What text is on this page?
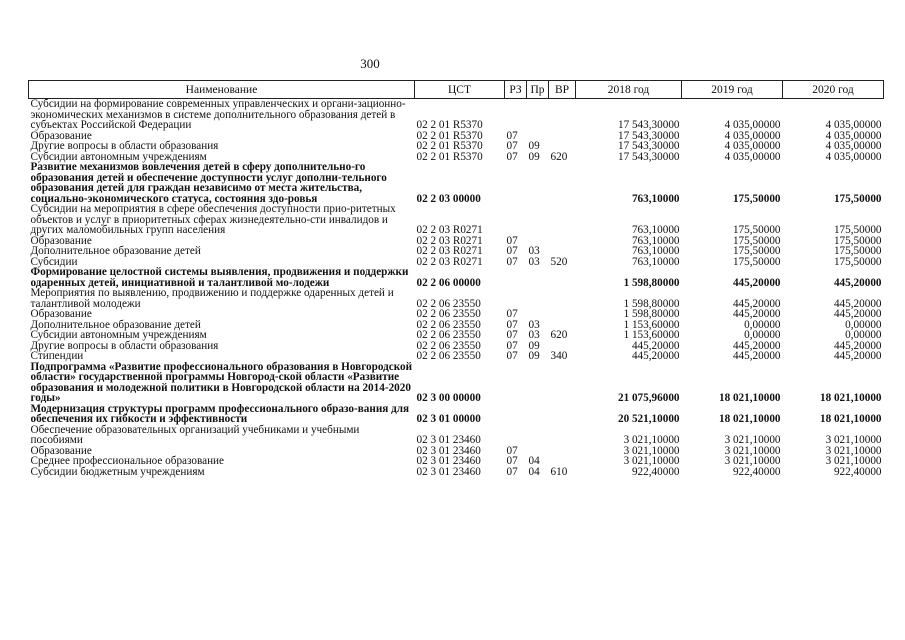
300
Наименование	ЦСТ	РЗ	Пр	ВР	2018 год	2019 год	2020 год
Субсидии на формирование современных управленческих и органи-зационно-экономических механизмов в системе дополнительного образования детей в субъектах Российской Федерации	02 2 01 R5370				17 543,30000	4 035,00000	4 035,00000
Образование	02 2 01 R5370	07			17 543,30000	4 035,00000	4 035,00000
Другие вопросы в области образования	02 2 01 R5370	07	09		17 543,30000	4 035,00000	4 035,00000
Субсидии автономным учреждениям	02 2 01 R5370	07	09	620	17 543,30000	4 035,00000	4 035,00000
Развитие механизмов вовлечения детей в сферу дополнительно-го образования детей и обеспечение доступности услуг дополни-тельного образования детей для граждан независимо от места жительства, социально-экономического статуса, состояния здо-ровья	02 2 03 00000				763,10000	175,50000	175,50000
Субсидии на мероприятия в сфере обеспечения доступности прио-ритетных объектов и услуг в приоритетных сферах жизнедеятельно-сти инвалидов и других маломобильных групп населения	02 2 03 R0271				763,10000	175,50000	175,50000
Образование	02 2 03 R0271	07			763,10000	175,50000	175,50000
Дополнительное образование детей	02 2 03 R0271	07	03		763,10000	175,50000	175,50000
Субсидии	02 2 03 R0271	07	03	520	763,10000	175,50000	175,50000
Формирование целостной системы выявления, продвижения и поддержки одаренных детей, инициативной и талантливой мо-лодежи	02 2 06 00000				1 598,80000	445,20000	445,20000
Мероприятия по выявлению, продвижению и поддержке одаренных детей и талантливой молодежи	02 2 06 23550				1 598,80000	445,20000	445,20000
Образование	02 2 06 23550	07			1 598,80000	445,20000	445,20000
Дополнительное образование детей	02 2 06 23550	07	03		1 153,60000	0,00000	0,00000
Субсидии автономным учреждениям	02 2 06 23550	07	03	620	1 153,60000	0,00000	0,00000
Другие вопросы в области образования	02 2 06 23550	07	09		445,20000	445,20000	445,20000
Стипендии	02 2 06 23550	07	09	340	445,20000	445,20000	445,20000
Подпрограмма «Развитие профессионального образования в Новгородской области» государственной программы Новгород-ской области «Развитие образования и молодежной политики в Новгородской области на 2014-2020 годы»	02 3 00 00000				21 075,96000	18 021,10000	18 021,10000
Модернизация структуры программ профессионального образо-вания для обеспечения их гибкости и эффективности	02 3 01 00000				20 521,10000	18 021,10000	18 021,10000
Обеспечение образовательных организаций учебниками и учебными пособиями	02 3 01 23460				3 021,10000	3 021,10000	3 021,10000
Образование	02 3 01 23460	07			3 021,10000	3 021,10000	3 021,10000
Среднее профессиональное образование	02 3 01 23460	07	04		3 021,10000	3 021,10000	3 021,10000
Субсидии бюджетным учреждениям	02 3 01 23460	07	04	610	922,40000	922,40000	922,40000
